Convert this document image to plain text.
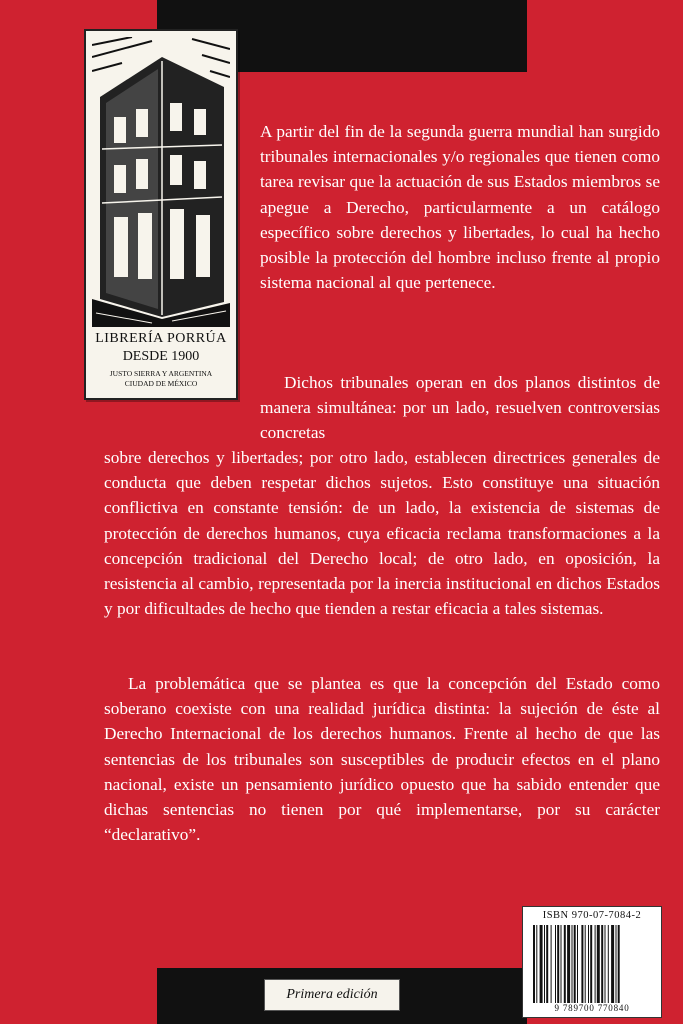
LIBRERÍA PORRÚA
DESDE 1900
JUSTO SIERRA Y ARGENTINA
CIUDAD DE MÉXICO

A partir del fin de la segunda guerra mundial han surgido tribunales internacionales y/o regionales que tienen como tarea revisar que la actuación de sus Estados miembros se apegue a Derecho, particularmente a un catálogo específico sobre derechos y libertades, lo cual ha hecho posible la protección del hombre incluso frente al propio sistema nacional al que pertenece.

Dichos tribunales operan en dos planos distintos de manera simultánea: por un lado, resuelven controversias concretas

sobre derechos y libertades; por otro lado, establecen directrices generales de conducta que deben respetar dichos sujetos. Esto constituye una situación conflictiva en constante tensión: de un lado, la existencia de sistemas de protección de derechos humanos, cuya eficacia reclama transformaciones a la concepción tradicional del Derecho local; de otro lado, en oposición, la resistencia al cambio, representada por la inercia institucional en dichos Estados y por dificultades de hecho que tienden a restar eficacia a tales sistemas.

La problemática que se plantea es que la concepción del Estado como soberano coexiste con una realidad jurídica distinta: la sujeción de éste al Derecho Internacional de los derechos humanos. Frente al hecho de que las sentencias de los tribunales son susceptibles de producir efectos en el plano nacional, existe un pensamiento jurídico opuesto que ha sabido entender que dichas sentencias no tienen por qué implementarse, por su carácter “declarativo”.

ISBN 970-07-7084-2
9 789700 770840
Primera edición
